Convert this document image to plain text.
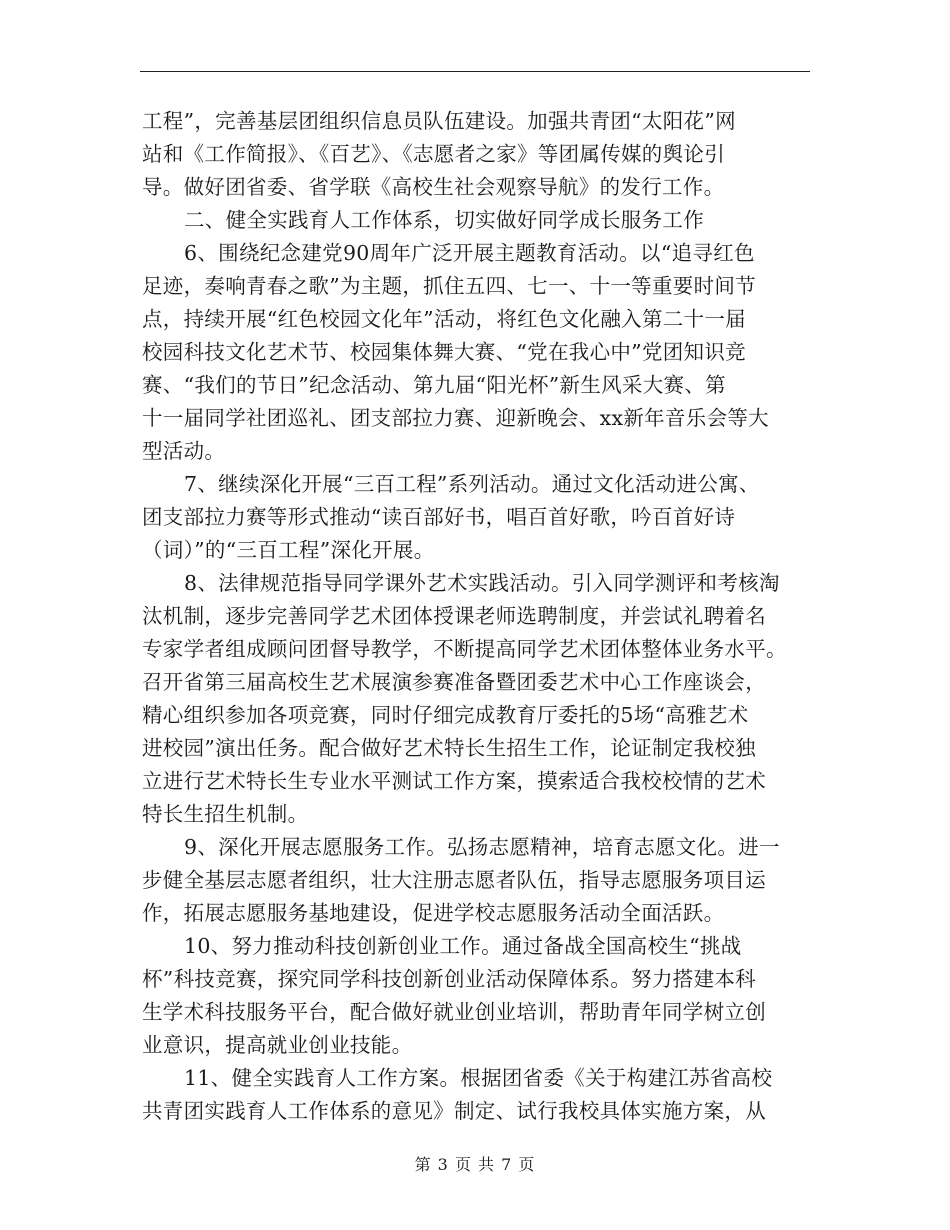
工程”，完善基层团组织信息员队伍建设。加强共青团“太阳花”网
站和《工作简报》、《百艺》、《志愿者之家》等团属传媒的舆论引
导。做好团省委、省学联《高校生社会观察导航》的发行工作。
二、健全实践育人工作体系，切实做好同学成长服务工作
6、围绕纪念建党90周年广泛开展主题教育活动。以“追寻红色
足迹，奏响青春之歌”为主题，抓住五四、七一、十一等重要时间节
点，持续开展“红色校园文化年”活动，将红色文化融入第二十一届
校园科技文化艺术节、校园集体舞大赛、“党在我心中”党团知识竞
赛、“我们的节日”纪念活动、第九届“阳光杯”新生风采大赛、第
十一届同学社团巡礼、团支部拉力赛、迎新晚会、xx新年音乐会等大
型活动。
7、继续深化开展“三百工程”系列活动。通过文化活动进公寓、
团支部拉力赛等形式推动“读百部好书，唱百首好歌，吟百首好诗
（词）”的“三百工程”深化开展。
8、法律规范指导同学课外艺术实践活动。引入同学测评和考核淘
汰机制，逐步完善同学艺术团体授课老师选聘制度，并尝试礼聘着名
专家学者组成顾问团督导教学，不断提高同学艺术团体整体业务水平。
召开省第三届高校生艺术展演参赛准备暨团委艺术中心工作座谈会，
精心组织参加各项竞赛，同时仔细完成教育厅委托的5场“高雅艺术
进校园”演出任务。配合做好艺术特长生招生工作，论证制定我校独
立进行艺术特长生专业水平测试工作方案，摸索适合我校校情的艺术
特长生招生机制。
9、深化开展志愿服务工作。弘扬志愿精神，培育志愿文化。进一
步健全基层志愿者组织，壮大注册志愿者队伍，指导志愿服务项目运
作，拓展志愿服务基地建设，促进学校志愿服务活动全面活跃。
10、努力推动科技创新创业工作。通过备战全国高校生“挑战
杯”科技竞赛，探究同学科技创新创业活动保障体系。努力搭建本科
生学术科技服务平台，配合做好就业创业培训，帮助青年同学树立创
业意识，提高就业创业技能。
11、健全实践育人工作方案。根据团省委《关于构建江苏省高校
共青团实践育人工作体系的意见》制定、试行我校具体实施方案，从
第 3 页 共 7 页
